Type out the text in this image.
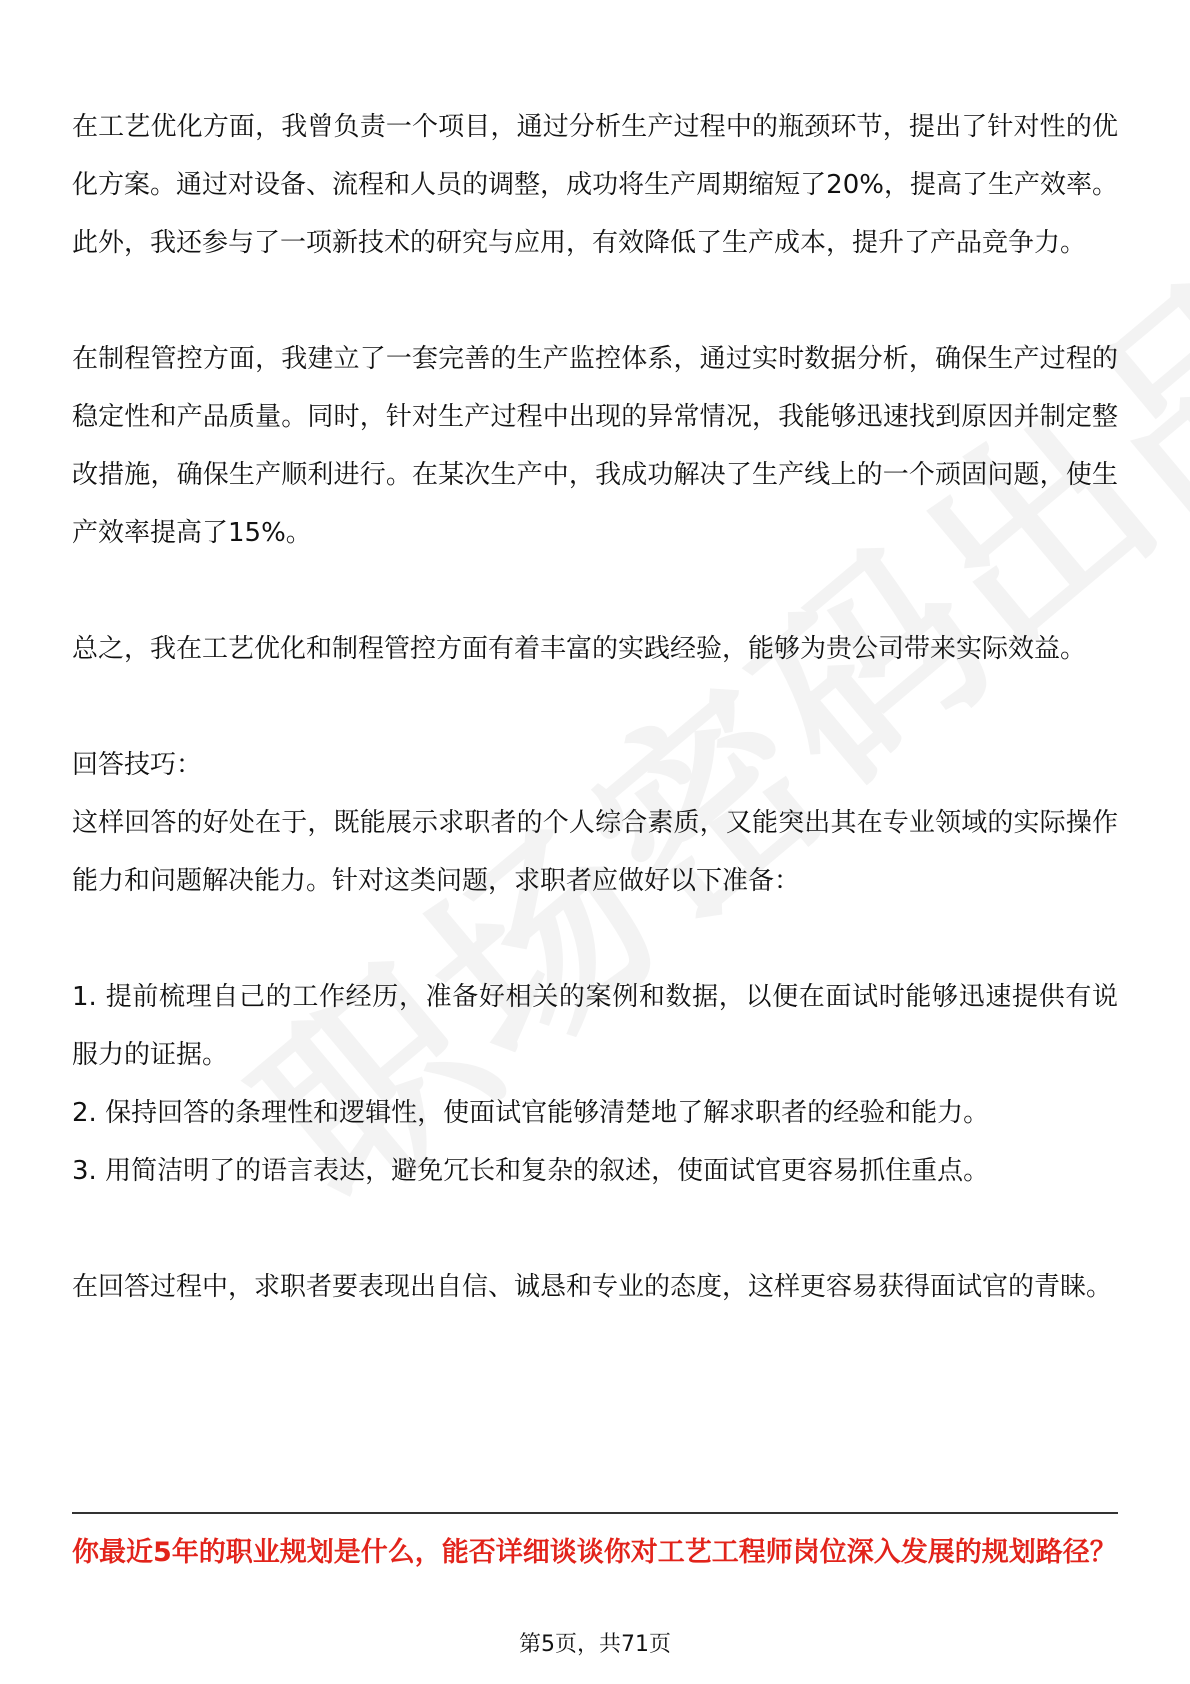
在工艺优化方面，我曾负责一个项目，通过分析生产过程中的瓶颈环节，提出了针对性的优化方案。通过对设备、流程和人员的调整，成功将生产周期缩短了20%，提高了生产效率。此外，我还参与了一项新技术的研究与应用，有效降低了生产成本，提升了产品竞争力。

在制程管控方面，我建立了一套完善的生产监控体系，通过实时数据分析，确保生产过程的稳定性和产品质量。同时，针对生产过程中出现的异常情况，我能够迅速找到原因并制定整改措施，确保生产顺利进行。在某次生产中，我成功解决了生产线上的一个顽固问题，使生产效率提高了15%。

总之，我在工艺优化和制程管控方面有着丰富的实践经验，能够为贵公司带来实际效益。

回答技巧：

这样回答的好处在于，既能展示求职者的个人综合素质，又能突出其在专业领域的实际操作能力和问题解决能力。针对这类问题，求职者应做好以下准备：

1. 提前梳理自己的工作经历，准备好相关的案例和数据，以便在面试时能够迅速提供有说服力的证据。

2. 保持回答的条理性和逻辑性，使面试官能够清楚地了解求职者的经验和能力。

3. 用简洁明了的语言表达，避免冗长和复杂的叙述，使面试官更容易抓住重点。

在回答过程中，求职者要表现出自信、诚恳和专业的态度，这样更容易获得面试官的青睐。

你最近5年的职业规划是什么，能否详细谈谈你对工艺工程师岗位深入发展的规划路径？

第5页，共71页
